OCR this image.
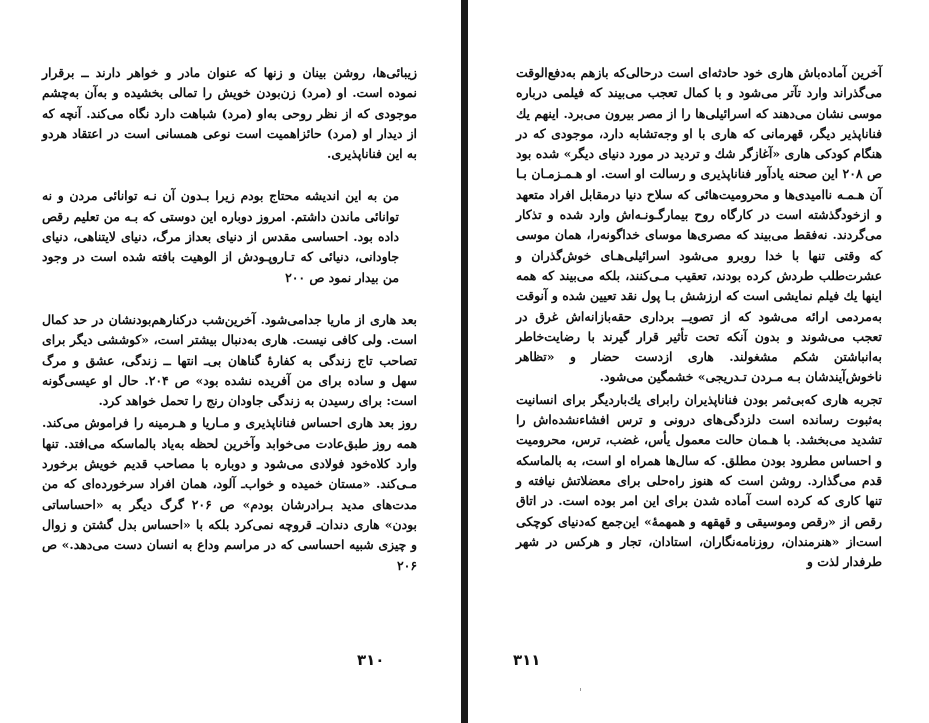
زیبائی‌ها، روشن بینان و زنها که عنوان مادر و خواهر دارند ــ برقرار نموده است. او (مرد) زن‌بودن خویش را تمالی بخشیده و به‌آن به‌چشم موجودی که از نظر روحی به‌او (مرد) شباهت دارد نگاه می‌کند. آنچه که از دیدار او (مرد) حائزاهمیت است نوعی همسانی است در اعتقاد هردو به این فناناپذیری.

من به این اندیشه محتاج بودم زیرا بـدون آن نـه توانائی مردن و نه توانائی ماندن داشتم. امروز دوباره این دوستی که بـه من تعلیم رقص داده بود. احساسی مقدس از دنیای بعداز مرگ، دنیای لایتناهی، دنیای جاودانی، دنیائی که تـاروپـودش از الوهیت بافته شده است در وجود من بیدار نمود ص ۲۰۰

بعد هاری از ماریا جدامی‌شود. آخرین‌شب درکنارهم‌بودنشان در حد کمال است. ولی کافی نیست. هاری به‌دنبال بیشتر است، «کوششی دیگر برای تصاحب تاج زندگی به کفارهٔ گناهان بی‌ـ انتها ــ زندگی، عشق و مرگ سهل و ساده برای من آفریده نشده بود» ص ۲۰۴. حال او عیسی‌گونه است: برای رسیدن به زندگی جاودان رنج را تحمل خواهد کرد.

روز بعد هاری احساس فناناپذیری و مـاریا و هـرمینه را فراموش می‌کند. همه روز طبق‌عادت می‌خوابد وآخرین لحظه به‌یاد بالماسکه می‌افتد. تنها وارد کلاه‌خود فولادی می‌شود و دوباره با مصاحب قدیم خویش برخورد مـی‌کند. «مستان خمیده و خواب‌ـ آلود، همان افراد سرخورده‌ای که من مدت‌های مدید بـرادرشان بودم» ص ۲۰۶ گرگ دیگر به «احساساتی بودن» هاری دندان‌ـ قروچه نمی‌کرد بلکه با «احساس بدل گشتن و زوال و چیزی شبیه احساسی که در مراسم وداع به انسان دست می‌دهد.» ص ۲۰۶

۳۱۰

آخرین آماده‌باش هاری خود حادثه‌ای است درحالی‌که بازهم به‌دفع‌الوقت می‌گذراند وارد تآتر می‌شود و با کمال تعجب می‌بیند که فیلمی درباره موسی نشان می‌دهند که اسرائیلی‌ها را از مصر بیرون می‌برد. اینهم یك فناناپذیر دیگر، قهرمانی که هاری با او وجه‌تشابه دارد، موجودی که در هنگام کودکی هاری «آغازگر شك و تردید در مورد دنیای دیگر» شده بود ص ۲۰۸ این صحنه یادآور فناناپذیری و رسالت او است. او هـمـزمـان بـا آن هـمـه نا‌امیدی‌ها و محرومیت‌هائی که سلاح دنیا درمقابل افراد متعهد و ازخودگذشته است در کارگاه روح بیمارگـونـه‌اش وارد شده و تذکار می‌گردند. نه‌فقط می‌بیند که مصری‌ها موسای خداگونه‌را، همان موسی که وقتی تنها با خدا روبرو می‌شود اسرائیلی‌هـای خوش‌گذران و عشرت‌طلب طردش کرده بودند، تعقیب مـی‌کنند، بلکه می‌بیند که همه اینها یك فیلم نمایشی است که ارزشش بـا پول نقد تعیین شده و آنوقت به‌مردمی ارائه می‌شود که از تصویـ‌ـ برداری حقه‌بازانه‌اش غرق در تعجب می‌شوند و بدون آنکه تحت تأثیر قرار گیرند با رضایت‌خاطر به‌انباشتن شکم مشغولند. هاری ازدست حضار و «تظاهر ناخوش‌آیندشان بـه مـردن تـدریجی» خشمگین می‌شود.

تجربه هاری که‌بی‌ثمر بودن فناناپذیران رابرای یك‌باردیگر برای انسانیت به‌ثبوت رسانده است دلزدگی‌های درونی و ترس افشاءنشده‌اش را تشدید می‌بخشد. با هـمان حالت معمول یأس، غضب، ترس، محرومیت و احساس مطرود بودن مطلق. که سال‌ها همراه او است، به بالماسکه قدم می‌گذارد. روشن است که هنوز راه‌حلی برای معضلاتش نیافته و تنها کاری که کرده است آماده شدن برای این امر بوده است. در اتاق رقص از «رقص وموسیقی و قهقهه و همهمهٔ» این‌جمع که‌دنیای کوچکی است‌از «هنرمندان، روزنامه‌نگاران، استادان، تجار و هرکس در شهر طرفدار لذت و

۳۱۱
